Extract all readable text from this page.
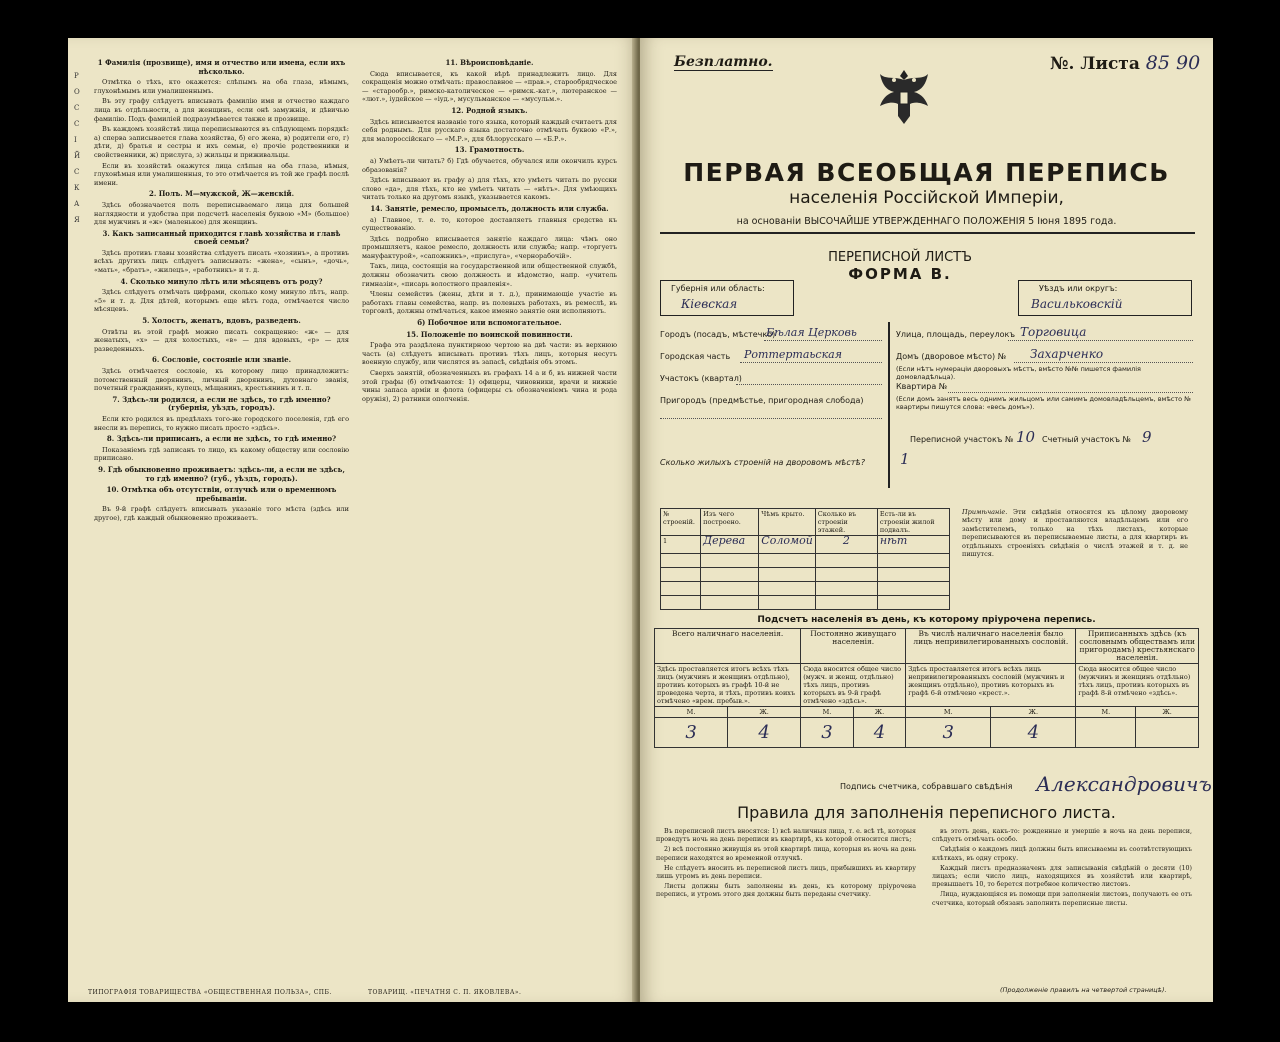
Р
О
С
С
І
Й
С
К
А
Я
1 Фамилія (прозвище), имя и отчество или имена, если ихъ нѣсколько.

Отмѣтка о тѣхъ, кто окажется: слѣпымъ на оба глаза, нѣмымъ, глухонѣмымъ или умалишеннымъ.

Въ эту графу слѣдуетъ вписывать фамилію имя и отчество каждаго лица въ отдѣльности, а для женщинъ, если онѣ замужнія, и дѣвичью фамилію. Подъ фамиліей подразумѣвается также и прозвище.

Въ каждомъ хозяйствѣ лица переписываются въ слѣдующемъ порядкѣ: а) сперва записывается глава хозяйства, б) его жена, в) родители его, г) дѣти, д) братья и сестры и ихъ семьи, е) прочіе родственники и свойственники, ж) прислуга, з) жильцы и приживальцы.

Если въ хозяйствѣ окажутся лица слѣпыя на оба глаза, нѣмыя, глухонѣмыя или умалишенныя, то это отмѣчается въ той же графѣ послѣ имени.

2. Полъ. М—мужской, Ж—женскій.

Здѣсь обозначается полъ переписываемаго лица для большей наглядности и удобства при подсчетѣ населенія буквою «М» (большое) для мужчинъ и «ж» (маленькое) для женщинъ.

3. Какъ записанный приходится главѣ хозяйства и главѣ своей семьи?

Здѣсь противъ главы хозяйства слѣдуетъ писать «хозяинъ», а противъ всѣхъ другихъ лицъ слѣдуетъ записывать: «жена», «сынъ», «дочь», «мать», «братъ», «жилецъ», «работникъ» и т. д.

4. Сколько минуло лѣтъ или мѣсяцевъ отъ роду?

Здѣсь слѣдуетъ отмѣчать цифрами, сколько кому минуло лѣтъ, напр. «5» и т. д. Для дѣтей, которымъ еще нѣтъ года, отмѣчается число мѣсяцевъ.

5. Холостъ, женатъ, вдовъ, разведенъ.

Отвѣты въ этой графѣ можно писать сокращенно: «ж» — для женатыхъ, «х» — для холостыхъ, «в» — для вдовыхъ, «р» — для разведенныхъ.

6. Сословіе, состояніе или званіе.

Здѣсь отмѣчается сословіе, къ которому лицо принадлежитъ: потомственный дворянинъ, личный дворянинъ, духовнаго званія, почетный гражданинъ, купецъ, мѣщанинъ, крестьянинъ и т. п.

7. Здѣсь-ли родился, а если не здѣсь, то гдѣ именно? (губернія, уѣздъ, городъ).

Если кто родился въ предѣлахъ того-же городского поселенія, гдѣ его внесли въ перепись, то нужно писать просто «здѣсь».

8. Здѣсь-ли приписанъ, а если не здѣсь, то гдѣ именно?

Показаніемъ гдѣ записанъ то лицо, къ какому обществу или сословію приписано.

9. Гдѣ обыкновенно проживаетъ: здѣсь-ли, а если не здѣсь, то гдѣ именно? (губ., уѣздъ, городъ).
10. Отмѣтка объ отсутствіи, отлучкѣ или о временномъ пребываніи.

Въ 9-й графѣ слѣдуетъ вписывать указаніе того мѣста (здѣсь или другое), гдѣ каждый обыкновенно проживаетъ.

11. Вѣроисповѣданіе.

Сюда вписывается, къ какой вѣрѣ принадлежитъ лицо. Для сокращенія можно отмѣчать: православное — «прав.», старообрядческое — «старообр.», римско-католическое — «римск.-кат.», лютеранское — «лют.», іудейское — «іуд.», мусульманское — «мусульм.».

12. Родной языкъ.

Здѣсь вписывается названіе того языка, который каждый считаетъ для себя роднымъ. Для русскаго языка достаточно отмѣчать буквою «Р.», для малороссійскаго — «М.Р.», для бѣлорусскаго — «Б.Р.».

13. Грамотность.

а) Умѣетъ-ли читать? б) Гдѣ обучается, обучался или окончилъ курсъ образованія?

Здѣсь вписывают въ графу а) для тѣхъ, кто умѣетъ читать по русски слово «да», для тѣхъ, кто не умѣетъ читать — «нѣтъ». Для умѣющихъ читать только на другомъ языкѣ, указывается какомъ.

14. Занятіе, ремесло, промыселъ, должность или служба.

а) Главное, т. е. то, которое доставляетъ главныя средства къ существованію.

Здѣсь подробно вписывается занятіе каждаго лица: чѣмъ оно промышляетъ, какое ремесло, должность или служба; напр. «торгуетъ мануфактурой», «сапожникъ», «прислуга», «чернорабочій».

Такъ, лица, состоящія на государственной или общественной службѣ, должны обозначить свою должность и вѣдомство, напр. «учитель гимназіи», «писарь волостного правленія».

Члены семействъ (жены, дѣти и т. д.), принимающіе участіе въ работахъ главы семейства, напр. въ полевыхъ работахъ, въ ремеслѣ, въ торговлѣ, должны отмѣчаться, какое именно занятіе они исполняютъ.

б) Побочное или вспомогательное.
15. Положеніе по воинской повинности.

Графа эта раздѣлена пунктирною чертою на двѣ части: въ верхнюю часть (а) слѣдуетъ вписывать противъ тѣхъ лицъ, которыя несутъ военную службу, или числятся въ запасѣ, свѣдѣнія объ этомъ.

Сверхъ занятій, обозначенныхъ въ графахъ 14 а и б, въ нижней части этой графы (б) отмѣчаются: 1) офицеры, чиновники, врачи и нижніе чины запаса арміи и флота (офицеры съ обозначеніемъ чина и рода оружія), 2) ратники ополченія.

ТИПОГРАФІЯ ТОВАРИЩЕСТВА «ОБЩЕСТВЕННАЯ ПОЛЬЗА», СПБ.	ТОВАРИЩ. «ПЕЧАТНЯ С. П. ЯКОВЛЕВА».
Безплатно.	№. Листа 85 90
ПЕРВАЯ ВСЕОБЩАЯ ПЕРЕПИСЬ
населенія Россійской Имперіи,
на основаніи ВЫСОЧАЙШЕ УТВЕРЖДЕННАГО ПОЛОЖЕНІЯ 5 Іюня 1895 года.
Губернія или область:
Кіевская
ПЕРЕПИСНОЙ ЛИСТЪ
ФОРМА В.
Уѣздъ или округъ:
Васильковскій
Городъ (посадъ, мѣстечко)
Бѣлая Церковь
Городская часть Роттертаьская
Участокъ (квартал)
Пригородъ (предмѣстье, пригородная слобода)
Улица, площадь, переулокъ Торговица
Домъ (дворовое мѣсто) № Захарченко
(Если нѣтъ нумераціи дворовыхъ мѣстъ, вмѣсто №№ пишется фамилія домовладѣльца).
Квартира №
(Если домъ занятъ весь однимъ жильцомъ или самимъ домовладѣльцемъ, вмѣсто № квартиры пишутся слова: «весь домъ»).
Переписной участокъ № 10 Счетный участокъ № 9
Сколько жилыхъ строеній на дворовомъ мѣстѣ? 1
№ строеній.	Изъ чего построено.	Чѣмъ крыто.	Сколько въ строеніи этажей.	Есть-ли въ строеніи жилой подвалъ.
1	Дерева	Соломой	2	нѣт

Примѣчаніе. Эти свѣдѣнія относятся къ цѣлому дворовому мѣсту или дому и проставляются владѣльцемъ или его замѣстителемъ, только на тѣхъ листахъ, которые переписываются въ переписываемые листы, а для квартиръ въ отдѣльныхъ строеніяхъ свѣдѣнія о числѣ этажей и т. д. не пишутся.
Подсчетъ населенія въ день, къ которому пріурочена перепись.
Всего наличнаго населенія.		Постоянно живущаго населенія.		Въ числѣ наличнаго населенія было лицъ непривилегированныхъ сословій.		Приписанныхъ здѣсь (къ сословнымъ обществамъ или пригородамъ) крестьянскаго населенія.	
Здѣсь проставляется итогъ всѣхъ тѣхъ лицъ (мужчинъ и женщинъ отдѣльно), противъ которыхъ въ графѣ 10-й не проведена черта, и тѣхъ, противъ коихъ отмѣчено «врем. пребыв.».		Сюда вносится общее число (мужч. и женщ. отдѣльно) тѣхъ лицъ, противъ которыхъ въ 9-й графѣ отмѣчено «здѣсь».		Здѣсь проставляется итогъ всѣхъ лицъ непривилегированныхъ сословій (мужчинъ и женщинъ отдѣльно), противъ которыхъ въ графѣ 6-й отмѣчено «крест.».		Сюда вносится общее число (мужчинъ и женщинъ отдѣльно) тѣхъ лицъ, противъ которыхъ въ графѣ 8-й отмѣчено «здѣсь».	
М.	Ж.	М.	Ж.	М.	Ж.	М.	Ж.
3	4	3	4	3	4		
Подпись счетчика, собравшаго свѣдѣнія Александровичъ
Правила для заполненія переписного листа.

Въ переписной листъ вносятся: 1) всѣ наличныя лица, т. е. всѣ тѣ, которыя проведутъ ночь на день переписи въ квартирѣ, къ которой относится листъ;

2) всѣ постоянно живущія въ этой квартирѣ лица, которыя въ ночь на день переписи находятся во временной отлучкѣ.

Не слѣдуетъ вносить въ переписной листъ лицъ, прибывшихъ въ квартиру лишь утромъ въ день переписи.

Листы должны быть заполнены въ день, къ которому пріурочена перепись, и утромъ этого дня должны быть переданы счетчику.

въ этотъ день, какъ-то: рожденные и умершіе в ночь на день переписи, слѣдуетъ отмѣчать особо.

Свѣдѣнія о каждомъ лицѣ должны быть вписываемы въ соотвѣтствующихъ клѣткахъ, въ одну строку.

Каждый листъ предназначенъ для записыванія свѣдѣній о десяти (10) лицахъ; если число лицъ, находящихся въ хозяйствѣ или квартирѣ, превышаетъ 10, то берется потребное количество листовъ.

Лица, нуждающіяся въ помощи при заполненіи листовъ, получаютъ ее отъ счетчика, который обязанъ заполнить переписные листы.

(Продолженіе правилъ на четвертой страницѣ).
